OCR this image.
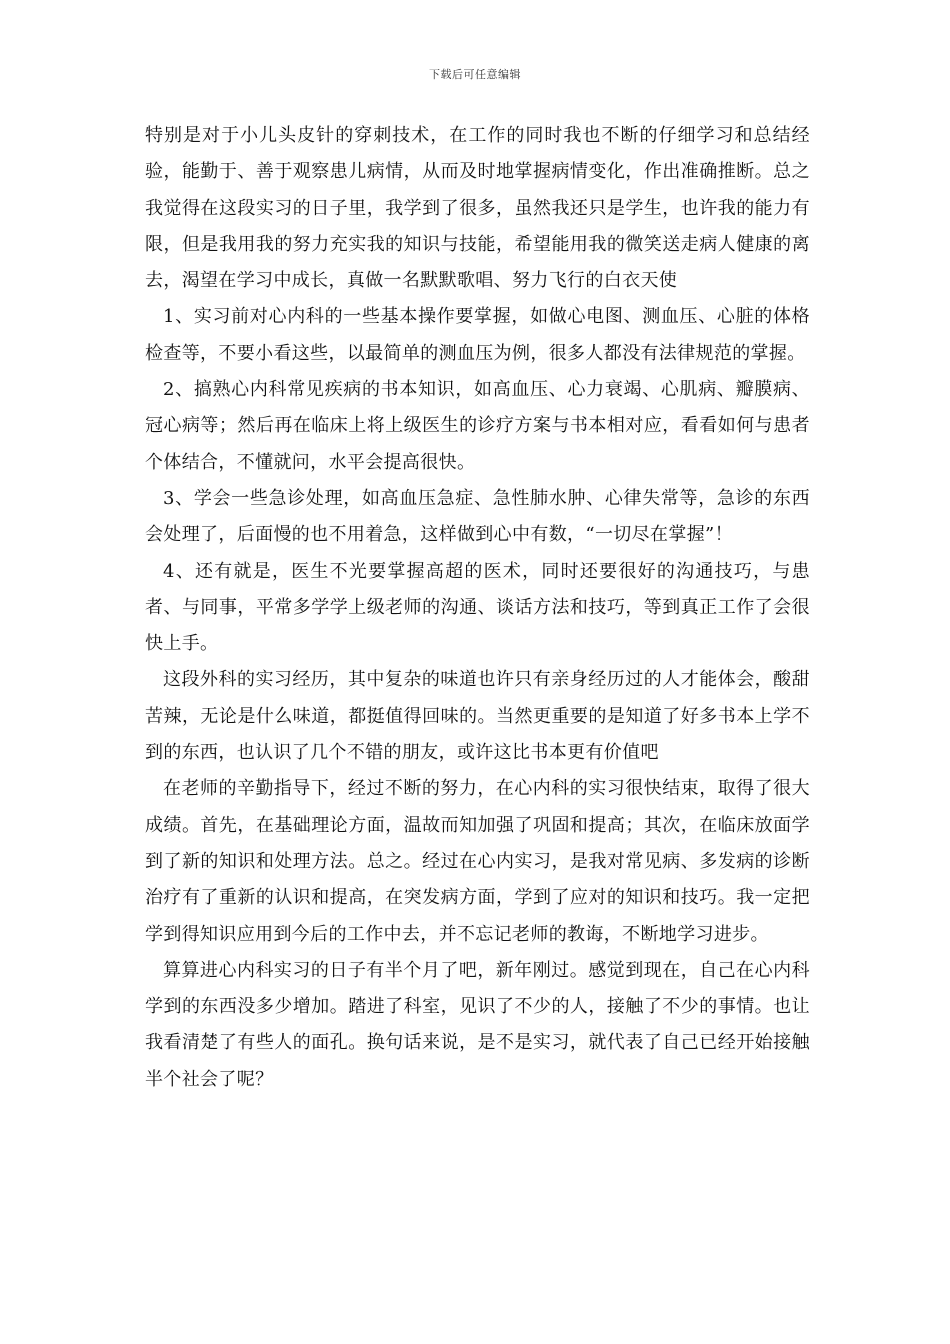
下载后可任意编辑

特别是对于小儿头皮针的穿刺技术，在工作的同时我也不断的仔细学习和总结经验，能勤于、善于观察患儿病情，从而及时地掌握病情变化，作出准确推断。总之我觉得在这段实习的日子里，我学到了很多，虽然我还只是学生，也许我的能力有限，但是我用我的努力充实我的知识与技能，希望能用我的微笑送走病人健康的离去，渴望在学习中成长，真做一名默默歌唱、努力飞行的白衣天使

1、实习前对心内科的一些基本操作要掌握，如做心电图、测血压、心脏的体格检查等，不要小看这些，以最简单的测血压为例，很多人都没有法律规范的掌握。

2、搞熟心内科常见疾病的书本知识，如高血压、心力衰竭、心肌病、瓣膜病、冠心病等；然后再在临床上将上级医生的诊疗方案与书本相对应，看看如何与患者个体结合，不懂就问，水平会提高很快。

3、学会一些急诊处理，如高血压急症、急性肺水肿、心律失常等，急诊的东西会处理了，后面慢的也不用着急，这样做到心中有数，“一切尽在掌握”！

4、还有就是，医生不光要掌握高超的医术，同时还要很好的沟通技巧，与患者、与同事，平常多学学上级老师的沟通、谈话方法和技巧，等到真正工作了会很快上手。

这段外科的实习经历，其中复杂的味道也许只有亲身经历过的人才能体会，酸甜苦辣，无论是什么味道，都挺值得回味的。当然更重要的是知道了好多书本上学不到的东西，也认识了几个不错的朋友，或许这比书本更有价值吧

在老师的辛勤指导下，经过不断的努力，在心内科的实习很快结束，取得了很大成绩。首先，在基础理论方面，温故而知加强了巩固和提高；其次，在临床放面学到了新的知识和处理方法。总之。经过在心内实习，是我对常见病、多发病的诊断治疗有了重新的认识和提高，在突发病方面，学到了应对的知识和技巧。我一定把学到得知识应用到今后的工作中去，并不忘记老师的教诲，不断地学习进步。

算算进心内科实习的日子有半个月了吧，新年刚过。感觉到现在，自己在心内科学到的东西没多少增加。踏进了科室，见识了不少的人，接触了不少的事情。也让我看清楚了有些人的面孔。换句话来说，是不是实习，就代表了自己已经开始接触半个社会了呢？
